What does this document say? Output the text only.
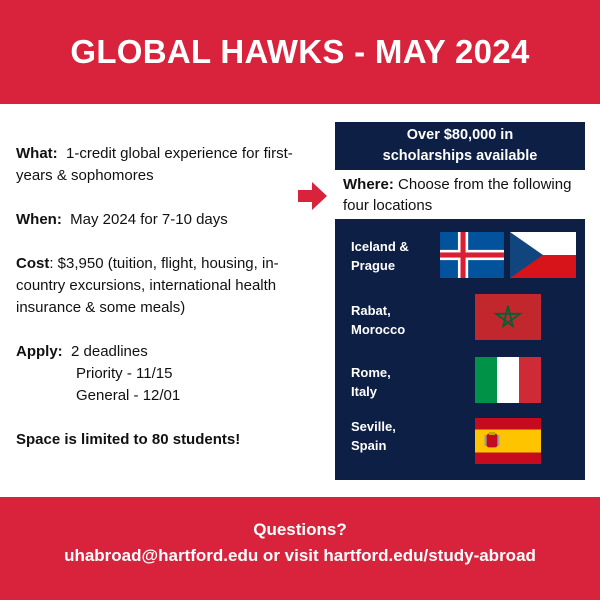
GLOBAL HAWKS - MAY 2024

What: 1-credit global experience for first-years & sophomores

When: May 2024 for 7-10 days

Cost: $3,950 (tuition, flight, housing, in-country excursions, international health insurance & some meals)

Apply: 2 deadlines
Priority - 11/15
General - 12/01

Space is limited to 80 students!

Over $80,000 in
scholarships available
Where: Choose from the following four locations
Iceland &
Prague
Rabat,
Morocco
Rome,
Italy
Seville,
Spain
Questions?
uhabroad@hartford.edu or visit hartford.edu/study-abroad
